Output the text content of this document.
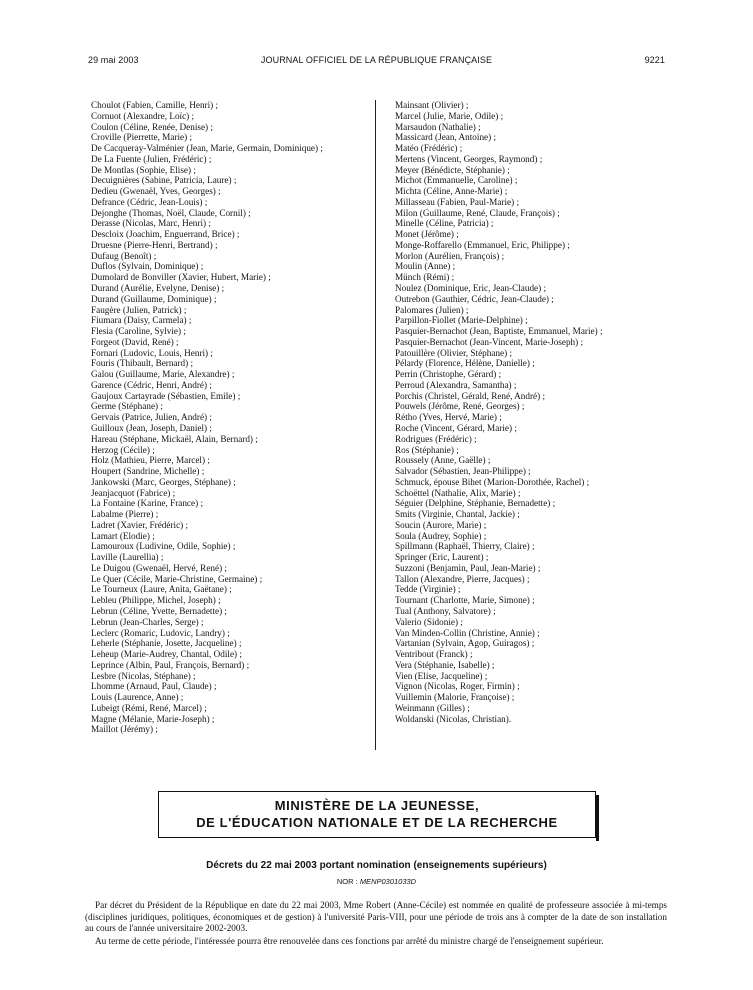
29 mai 2003	JOURNAL OFFICIEL DE LA RÉPUBLIQUE FRANÇAISE	9221
Choulot (Fabien, Camille, Henri) ;
Cornuot (Alexandre, Loïc) ;
Coulon (Céline, Renée, Denise) ;
Croville (Pierrette, Marie) ;
De Cacqueray-Valménier (Jean, Marie, Germain, Dominique) ;
De La Fuente (Julien, Frédéric) ;
De Montlas (Sophie, Elise) ;
Decuignières (Sabine, Patricia, Laure) ;
Dedieu (Gwenaël, Yves, Georges) ;
Defrance (Cédric, Jean-Louis) ;
Dejonghe (Thomas, Noël, Claude, Cornil) ;
Derasse (Nicolas, Marc, Henri) ;
Descloix (Joachim, Enguerrand, Brice) ;
Druesne (Pierre-Henri, Bertrand) ;
Dufaug (Benoît) ;
Duflos (Sylvain, Dominique) ;
Dumolard de Bonviller (Xavier, Hubert, Marie) ;
Durand (Aurélie, Evelyne, Denise) ;
Durand (Guillaume, Dominique) ;
Faugère (Julien, Patrick) ;
Fiumara (Daisy, Carmela) ;
Flesia (Caroline, Sylvie) ;
Forgeot (David, René) ;
Fornari (Ludovic, Louis, Henri) ;
Fouris (Thibault, Bernard) ;
Galou (Guillaume, Marie, Alexandre) ;
Garence (Cédric, Henri, André) ;
Gaujoux Cartayrade (Sébastien, Emile) ;
Germe (Stéphane) ;
Gervais (Patrice, Julien, André) ;
Guilloux (Jean, Joseph, Daniel) ;
Hareau (Stéphane, Mickaël, Alain, Bernard) ;
Herzog (Cécile) ;
Holz (Mathieu, Pierre, Marcel) ;
Houpert (Sandrine, Michelle) ;
Jankowski (Marc, Georges, Stéphane) ;
Jeanjacquot (Fabrice) ;
La Fontaine (Karine, France) ;
Labalme (Pierre) ;
Ladret (Xavier, Frédéric) ;
Lamart (Elodie) ;
Lamouroux (Ludivine, Odile, Sophie) ;
Laville (Laurellia) ;
Le Duigou (Gwenaël, Hervé, René) ;
Le Quer (Cécile, Marie-Christine, Germaine) ;
Le Tourneux (Laure, Anita, Gaëtane) ;
Lebleu (Philippe, Michel, Joseph) ;
Lebrun (Céline, Yvette, Bernadette) ;
Lebrun (Jean-Charles, Serge) ;
Leclerc (Romaric, Ludovic, Landry) ;
Leherle (Stéphanie, Josette, Jacqueline) ;
Leheup (Marie-Audrey, Chantal, Odile) ;
Leprince (Albin, Paul, François, Bernard) ;
Lesbre (Nicolas, Stéphane) ;
Lhomme (Arnaud, Paul, Claude) ;
Louis (Laurence, Anne) ;
Lubeigt (Rémi, René, Marcel) ;
Magne (Mélanie, Marie-Joseph) ;
Maillot (Jérémy) ;
Mainsant (Olivier) ;
Marcel (Julie, Marie, Odile) ;
Marsaudon (Nathalie) ;
Massicard (Jean, Antoine) ;
Matéo (Frédéric) ;
Mertens (Vincent, Georges, Raymond) ;
Meyer (Bénédicte, Stéphanie) ;
Michot (Emmanuelle, Caroline) ;
Michta (Céline, Anne-Marie) ;
Millasseau (Fabien, Paul-Marie) ;
Milon (Guillaume, René, Claude, François) ;
Minelle (Céline, Patricia) ;
Monet (Jérôme) ;
Monge-Roffarello (Emmanuel, Eric, Philippe) ;
Morlon (Aurélien, François) ;
Moulin (Anne) ;
Münch (Rémi) ;
Noulez (Dominique, Eric, Jean-Claude) ;
Outrebon (Gauthier, Cédric, Jean-Claude) ;
Palomares (Julien) ;
Parpillon-Fiollet (Marie-Delphine) ;
Pasquier-Bernachot (Jean, Baptiste, Emmanuel, Marie) ;
Pasquier-Bernachot (Jean-Vincent, Marie-Joseph) ;
Patouillère (Olivier, Stéphane) ;
Pélardy (Florence, Hélène, Danielle) ;
Perrin (Christophe, Gérard) ;
Perroud (Alexandra, Samantha) ;
Porchis (Christel, Gérald, René, André) ;
Pouwels (Jérôme, René, Georges) ;
Rétho (Yves, Hervé, Marie) ;
Roche (Vincent, Gérard, Marie) ;
Rodrigues (Frédéric) ;
Ros (Stéphanie) ;
Roussely (Anne, Gaëlle) ;
Salvador (Sébastien, Jean-Philippe) ;
Schmuck, épouse Bihet (Marion-Dorothée, Rachel) ;
Schoëttel (Nathalie, Alix, Marie) ;
Séguier (Delphine, Stéphanie, Bernadette) ;
Smits (Virginie, Chantal, Jackie) ;
Soucin (Aurore, Marie) ;
Soula (Audrey, Sophie) ;
Spillmann (Raphaël, Thierry, Claire) ;
Springer (Eric, Laurent) ;
Suzzoni (Benjamin, Paul, Jean-Marie) ;
Tallon (Alexandre, Pierre, Jacques) ;
Tedde (Virginie) ;
Tournant (Charlotte, Marie, Simone) ;
Tual (Anthony, Salvatore) ;
Valerio (Sidonie) ;
Van Minden-Collin (Christine, Annie) ;
Vartanian (Sylvain, Agop, Guiragos) ;
Ventribout (Franck) ;
Vera (Stéphanie, Isabelle) ;
Vien (Elise, Jacqueline) ;
Vignon (Nicolas, Roger, Firmin) ;
Vuillemin (Malorie, Françoise) ;
Weinmann (Gilles) ;
Woldanski (Nicolas, Christian).
MINISTÈRE DE LA JEUNESSE,
DE L'ÉDUCATION NATIONALE ET DE LA RECHERCHE
Décrets du 22 mai 2003 portant nomination (enseignements supérieurs)
NOR : MENP0301033D

Par décret du Président de la République en date du 22 mai 2003, Mme Robert (Anne-Cécile) est nommée en qualité de professeure associée à mi-temps (disciplines juridiques, politiques, économiques et de gestion) à l'université Paris-VIII, pour une période de trois ans à compter de la date de son installation au cours de l'année universitaire 2002-2003.

Au terme de cette période, l'intéressée pourra être renouvelée dans ces fonctions par arrêté du ministre chargé de l'enseignement supérieur.
